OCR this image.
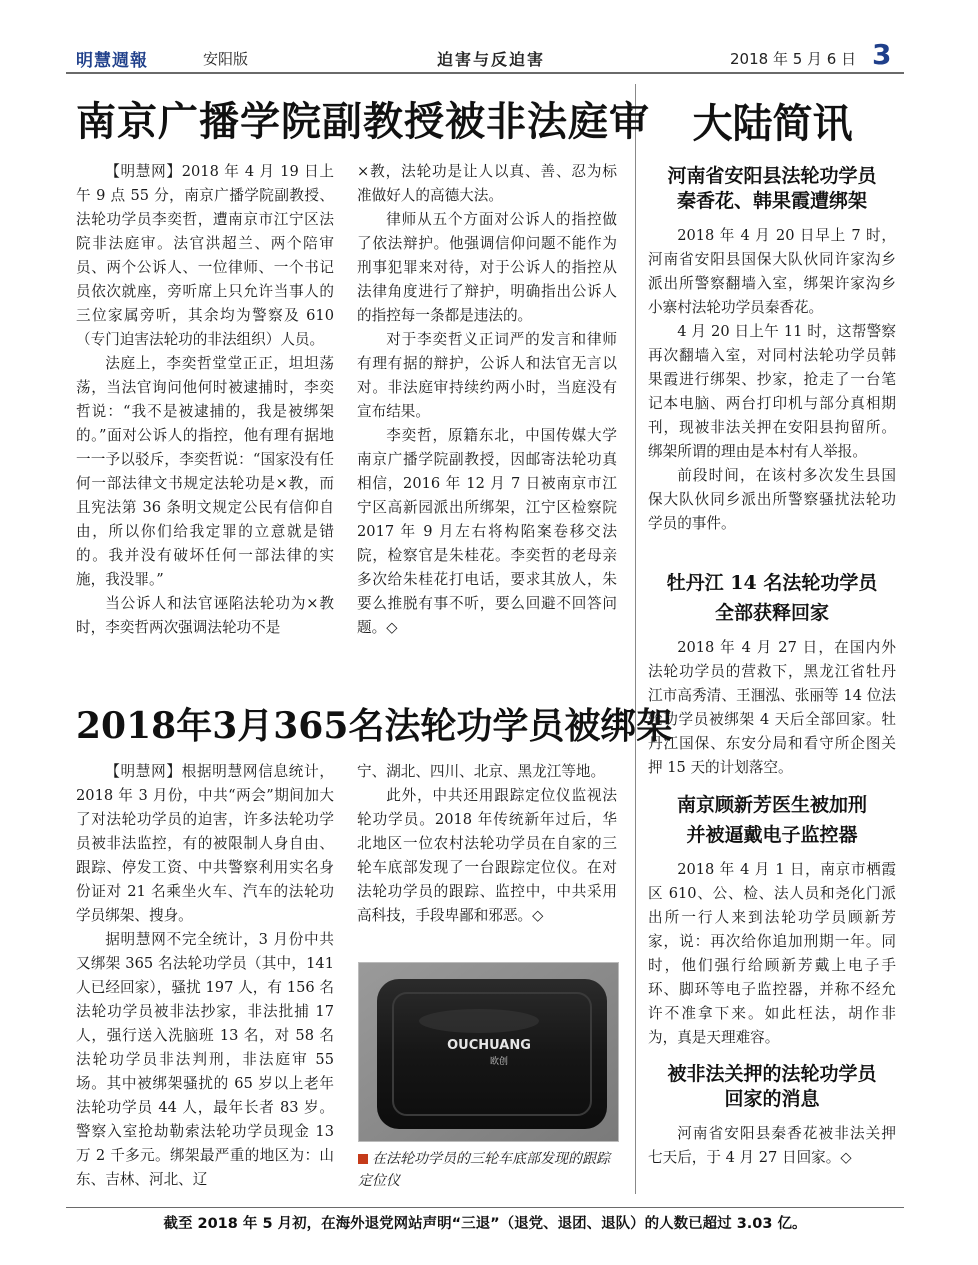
明慧週報	安阳版	迫害与反迫害	2018 年 5 月 6 日 3
南京广播学院副教授被非法庭审

【明慧网】2018 年 4 月 19 日上午 9 点 55 分，南京广播学院副教授、法轮功学员李奕哲，遭南京市江宁区法院非法庭审。法官洪超兰、两个陪审员、两个公诉人、一位律师、一个书记员依次就座，旁听席上只允许当事人的三位家属旁听，其余均为警察及 610（专门迫害法轮功的非法组织）人员。

法庭上，李奕哲堂堂正正，坦坦荡荡，当法官询问他何时被逮捕时，李奕哲说：“我不是被逮捕的，我是被绑架的。”面对公诉人的指控，他有理有据地一一予以驳斥，李奕哲说：“国家没有任何一部法律文书规定法轮功是×教，而且宪法第 36 条明文规定公民有信仰自由，所以你们给我定罪的立意就是错的。我并没有破坏任何一部法律的实施，我没罪。”

当公诉人和法官诬陷法轮功为×教时，李奕哲两次强调法轮功不是

×教，法轮功是让人以真、善、忍为标准做好人的高德大法。

律师从五个方面对公诉人的指控做了依法辩护。他强调信仰问题不能作为刑事犯罪来对待，对于公诉人的指控从法律角度进行了辩护，明确指出公诉人的指控每一条都是违法的。

对于李奕哲义正词严的发言和律师有理有据的辩护，公诉人和法官无言以对。非法庭审持续约两小时，当庭没有宣布结果。

李奕哲，原籍东北，中国传媒大学南京广播学院副教授，因邮寄法轮功真相信，2016 年 12 月 7 日被南京市江宁区高新园派出所绑架，江宁区检察院 2017 年 9 月左右将构陷案卷移交法院，检察官是朱桂花。李奕哲的老母亲多次给朱桂花打电话，要求其放人，朱要么推脱有事不听，要么回避不回答问题。◇

2018年3月365名法轮功学员被绑架

【明慧网】根据明慧网信息统计，2018 年 3 月份，中共“两会”期间加大了对法轮功学员的迫害，许多法轮功学员被非法监控，有的被限制人身自由、跟踪、停发工资、中共警察利用实名身份证对 21 名乘坐火车、汽车的法轮功学员绑架、搜身。

据明慧网不完全统计，3 月份中共又绑架 365 名法轮功学员（其中，141 人已经回家），骚扰 197 人，有 156 名法轮功学员被非法抄家，非法批捕 17 人，强行送入洗脑班 13 名，对 58 名法轮功学员非法判刑，非法庭审 55 场。其中被绑架骚扰的 65 岁以上老年法轮功学员 44 人，最年长者 83 岁。警察入室抢劫勒索法轮功学员现金 13 万 2 千多元。绑架最严重的地区为：山东、吉林、河北、辽

宁、湖北、四川、北京、黑龙江等地。

此外，中共还用跟踪定位仪监视法轮功学员。2018 年传统新年过后，华北地区一位农村法轮功学员在自家的三轮车底部发现了一台跟踪定位仪。在对法轮功学员的跟踪、监控中，中共采用高科技，手段卑鄙和邪恶。◇

OUCHUANG
欧创
在法轮功学员的三轮车底部发现的跟踪定位仪
大陆简讯
河南省安阳县法轮功学员
秦香花、韩果霞遭绑架

2018 年 4 月 20 日早上 7 时，河南省安阳县国保大队伙同许家沟乡派出所警察翻墙入室，绑架许家沟乡小寨村法轮功学员秦香花。

4 月 20 日上午 11 时，这帮警察再次翻墙入室，对同村法轮功学员韩果霞进行绑架、抄家，抢走了一台笔记本电脑、两台打印机与部分真相期刊，现被非法关押在安阳县拘留所。绑架所谓的理由是本村有人举报。

前段时间，在该村多次发生县国保大队伙同乡派出所警察骚扰法轮功学员的事件。

牡丹江 14 名法轮功学员
全部获释回家

2018 年 4 月 27 日，在国内外法轮功学员的营救下，黑龙江省牡丹江市高秀清、王涠泓、张丽等 14 位法轮功学员被绑架 4 天后全部回家。牡丹江国保、东安分局和看守所企图关押 15 天的计划落空。

南京顾新芳医生被加刑
并被逼戴电子监控器

2018 年 4 月 1 日，南京市栖霞区 610、公、检、法人员和尧化门派出所一行人来到法轮功学员顾新芳家，说：再次给你追加刑期一年。同时，他们强行给顾新芳戴上电子手环、脚环等电子监控器，并称不经允许不准拿下来。如此枉法，胡作非为，真是天理难容。

被非法关押的法轮功学员
回家的消息

河南省安阳县秦香花被非法关押七天后，于 4 月 27 日回家。◇

截至 2018 年 5 月初，在海外退党网站声明“三退”（退党、退团、退队）的人数已超过 3.03 亿。
